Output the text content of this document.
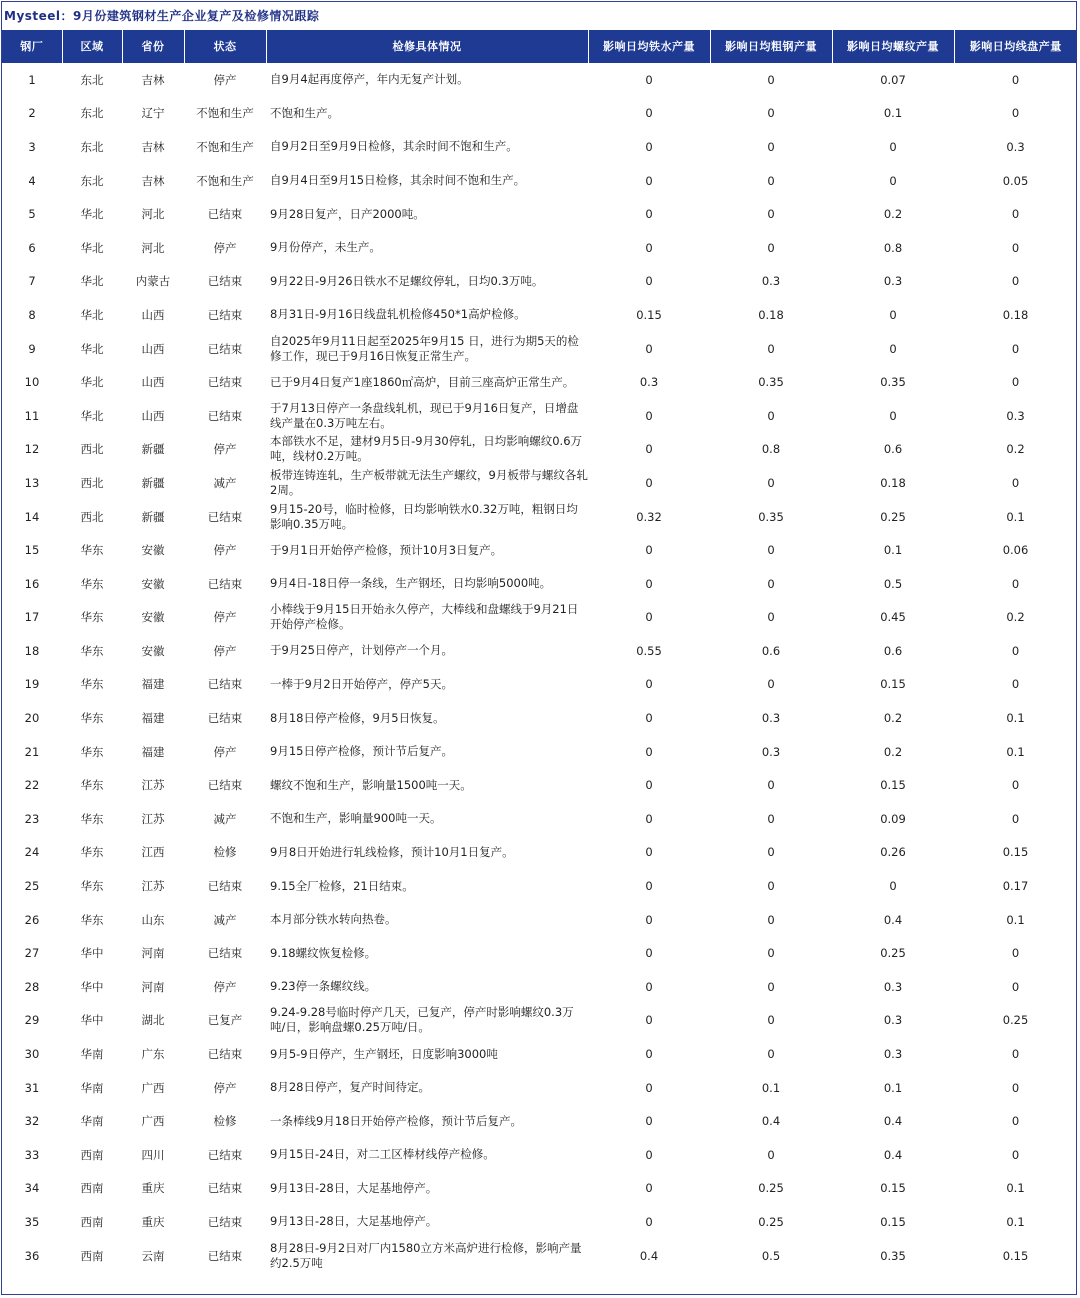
Mysteel：9月份建筑钢材生产企业复产及检修情况跟踪
钢厂	区域	省份	状态	检修具体情况	影响日均铁水产量	影响日均粗钢产量	影响日均螺纹产量	影响日均线盘产量
1	东北	吉林	停产	自9月4起再度停产，年内无复产计划。	0	0	0.07	0
2	东北	辽宁	不饱和生产	不饱和生产。	0	0	0.1	0
3	东北	吉林	不饱和生产	自9月2日至9月9日检修，其余时间不饱和生产。	0	0	0	0.3
4	东北	吉林	不饱和生产	自9月4日至9月15日检修，其余时间不饱和生产。	0	0	0	0.05
5	华北	河北	已结束	9月28日复产，日产2000吨。	0	0	0.2	0
6	华北	河北	停产	9月份停产，未生产。	0	0	0.8	0
7	华北	内蒙古	已结束	9月22日-9月26日铁水不足螺纹停轧，日均0.3万吨。	0	0.3	0.3	0
8	华北	山西	已结束	8月31日-9月16日线盘轧机检修450*1高炉检修。	0.15	0.18	0	0.18
9	华北	山西	已结束	自2025年9月11日起至2025年9月15 日，进行为期5天的检修工作，现已于9月16日恢复正常生产。	0	0	0	0
10	华北	山西	已结束	已于9月4日复产1座1860㎡高炉，目前三座高炉正常生产。	0.3	0.35	0.35	0
11	华北	山西	已结束	于7月13日停产一条盘线轧机，现已于9月16日复产，日增盘线产量在0.3万吨左右。	0	0	0	0.3
12	西北	新疆	停产	本部铁水不足，建材9月5日-9月30停轧，日均影响螺纹0.6万吨，线材0.2万吨。	0	0.8	0.6	0.2
13	西北	新疆	减产	板带连铸连轧，生产板带就无法生产螺纹，9月板带与螺纹各轧2周。	0	0	0.18	0
14	西北	新疆	已结束	9月15-20号，临时检修，日均影响铁水0.32万吨，粗钢日均影响0.35万吨。	0.32	0.35	0.25	0.1
15	华东	安徽	停产	于9月1日开始停产检修，预计10月3日复产。	0	0	0.1	0.06
16	华东	安徽	已结束	9月4日-18日停一条线，生产钢坯，日均影响5000吨。	0	0	0.5	0
17	华东	安徽	停产	小棒线于9月15日开始永久停产，大棒线和盘螺线于9月21日开始停产检修。	0	0	0.45	0.2
18	华东	安徽	停产	于9月25日停产，计划停产一个月。	0.55	0.6	0.6	0
19	华东	福建	已结束	一棒于9月2日开始停产，停产5天。	0	0	0.15	0
20	华东	福建	已结束	8月18日停产检修，9月5日恢复。	0	0.3	0.2	0.1
21	华东	福建	停产	9月15日停产检修，预计节后复产。	0	0.3	0.2	0.1
22	华东	江苏	已结束	螺纹不饱和生产，影响量1500吨一天。	0	0	0.15	0
23	华东	江苏	减产	不饱和生产，影响量900吨一天。	0	0	0.09	0
24	华东	江西	检修	9月8日开始进行轧线检修，预计10月1日复产。	0	0	0.26	0.15
25	华东	江苏	已结束	9.15全厂检修，21日结束。	0	0	0	0.17
26	华东	山东	减产	本月部分铁水转向热卷。	0	0	0.4	0.1
27	华中	河南	已结束	9.18螺纹恢复检修。	0	0	0.25	0
28	华中	河南	停产	9.23停一条螺纹线。	0	0	0.3	0
29	华中	湖北	已复产	9.24-9.28号临时停产几天，已复产，停产时影响螺纹0.3万吨/日，影响盘螺0.25万吨/日。	0	0	0.3	0.25
30	华南	广东	已结束	9月5-9日停产，生产钢坯，日度影响3000吨	0	0	0.3	0
31	华南	广西	停产	8月28日停产，复产时间待定。	0	0.1	0.1	0
32	华南	广西	检修	一条棒线9月18日开始停产检修，预计节后复产。	0	0.4	0.4	0
33	西南	四川	已结束	9月15日-24日，对二工区棒材线停产检修。	0	0	0.4	0
34	西南	重庆	已结束	9月13日-28日，大足基地停产。	0	0.25	0.15	0.1
35	西南	重庆	已结束	9月13日-28日，大足基地停产。	0	0.25	0.15	0.1
36	西南	云南	已结束	8月28日-9月2日对厂内1580立方米高炉进行检修，影响产量约2.5万吨	0.4	0.5	0.35	0.15
